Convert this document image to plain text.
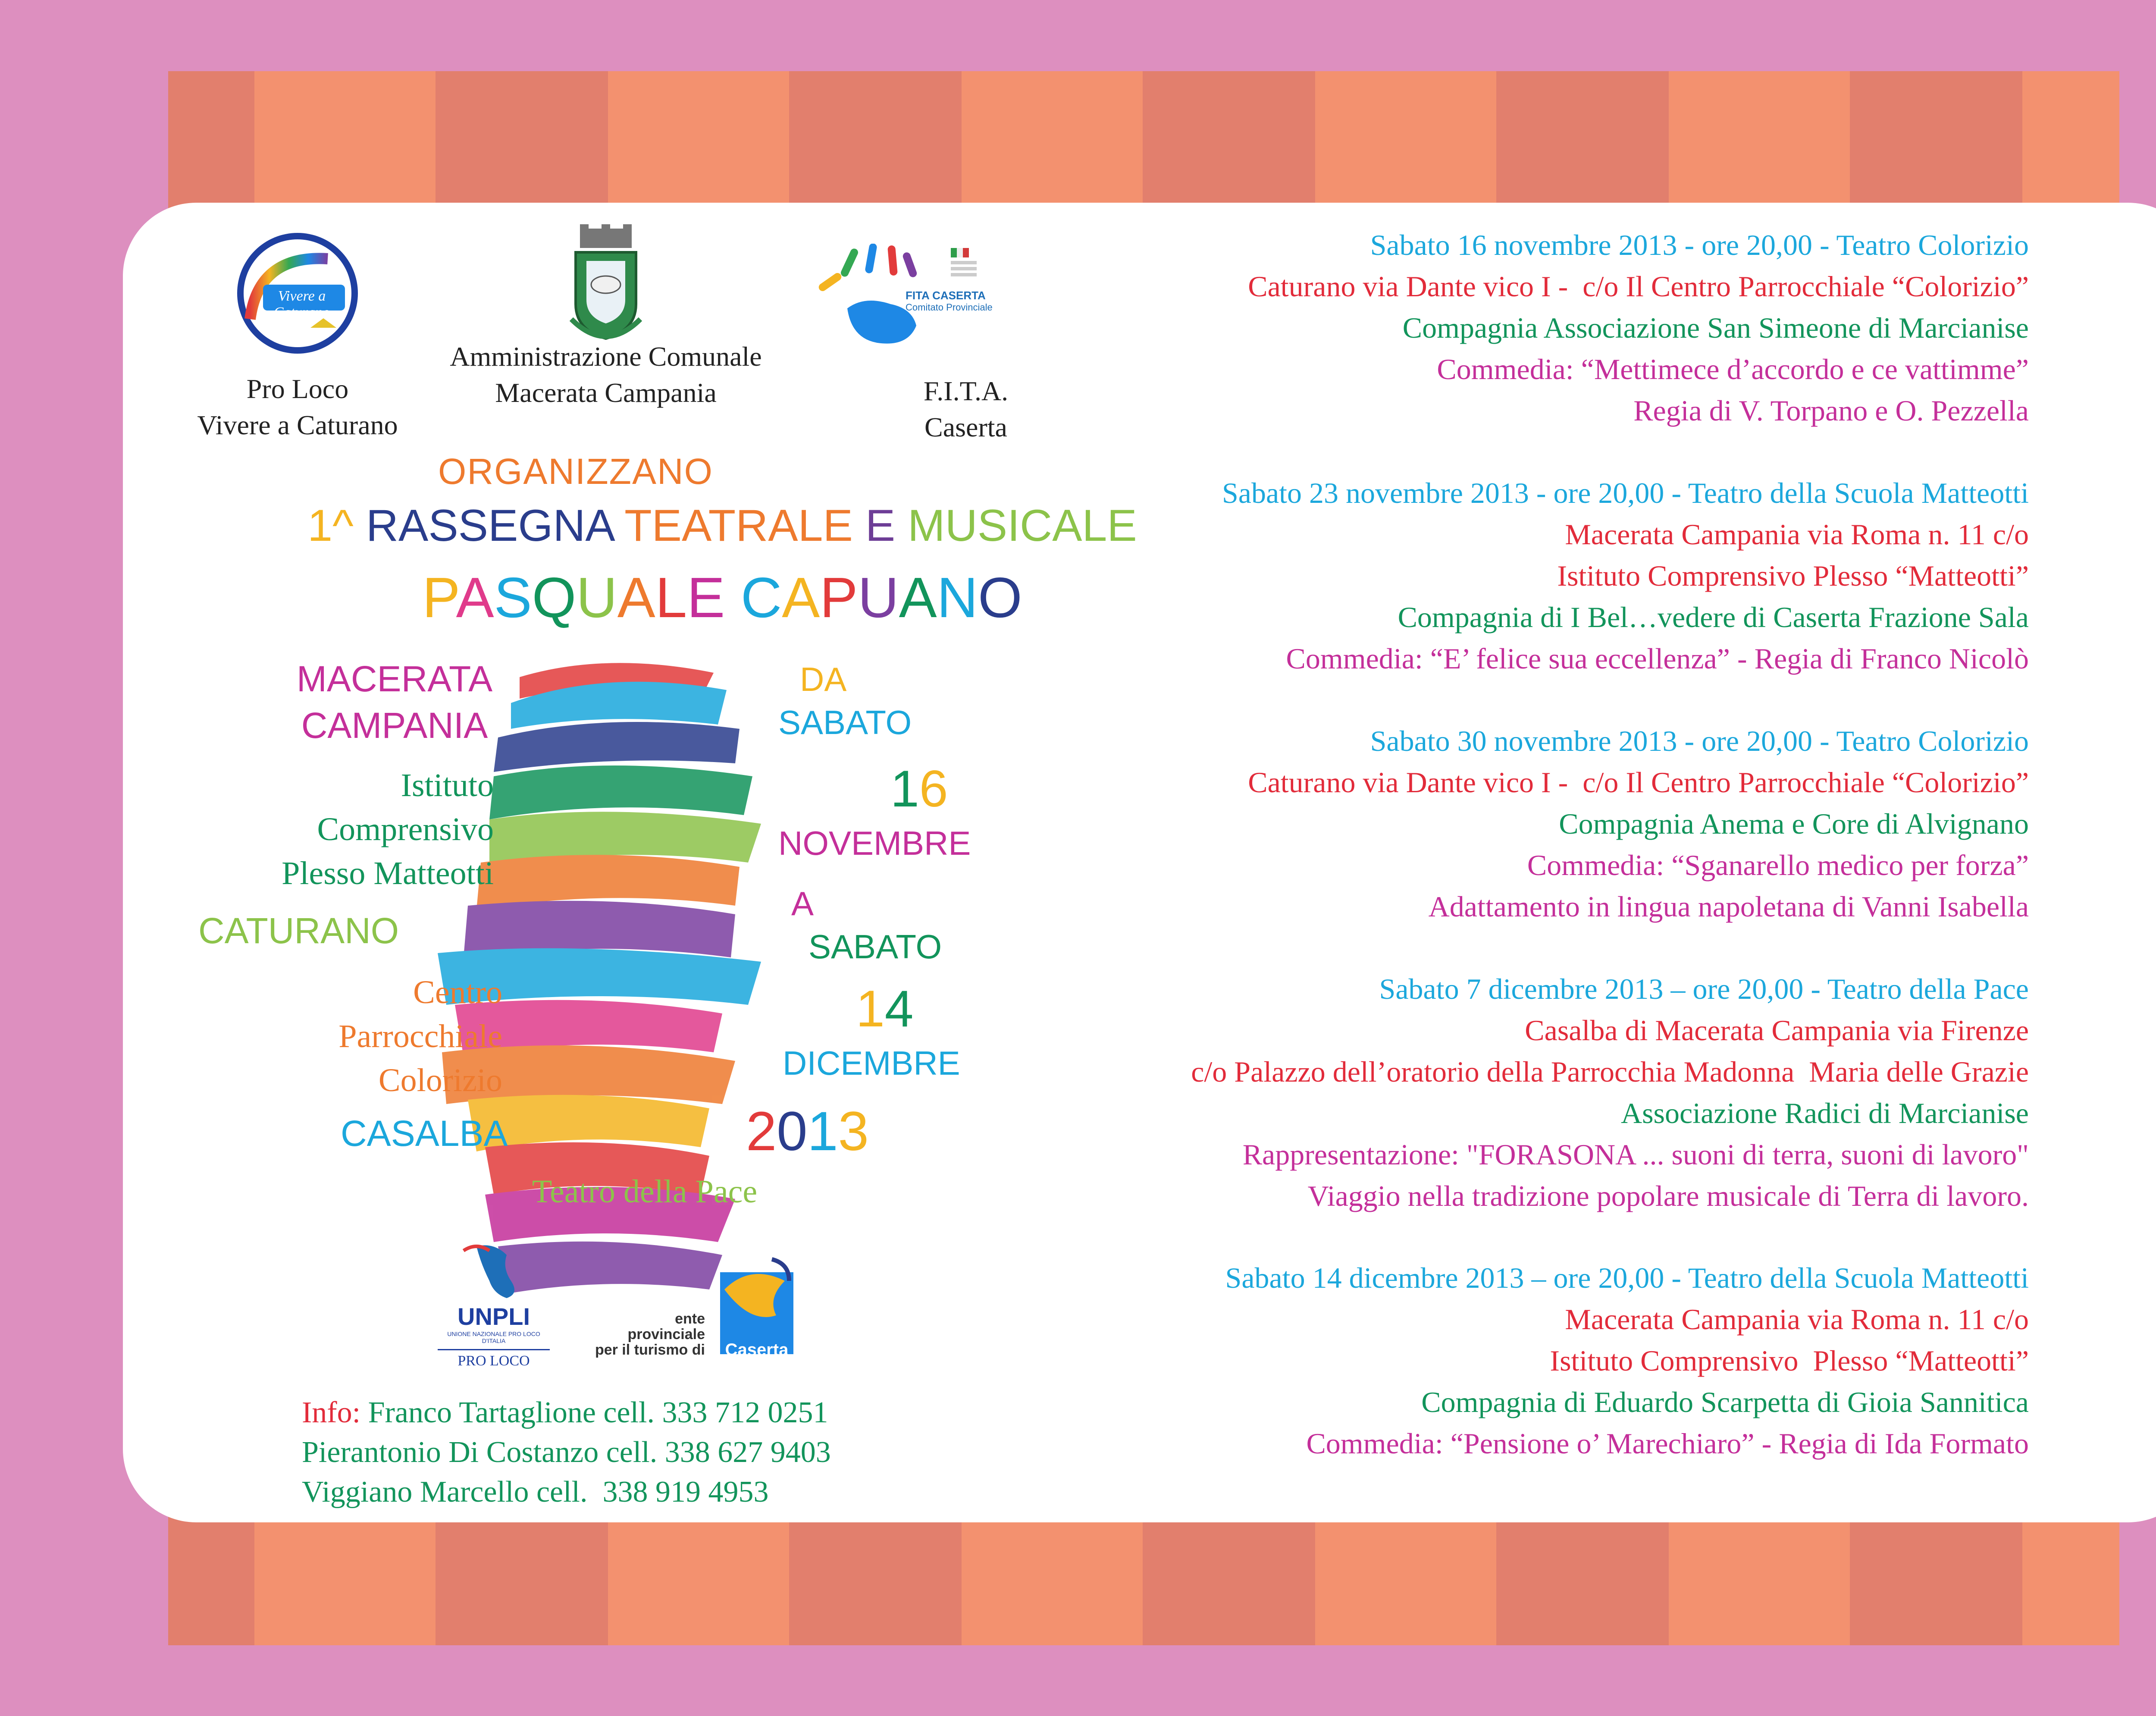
Vivere a Caturano
Pro Loco
Vivere a Caturano
Amministrazione Comunale
Macerata Campania
FITA CASERTA
Comitato Provinciale
F.I.T.A.
Caserta
ORGANIZZANO
1^ RASSEGNA TEATRALE E MUSICALE
PASQUALE CAPUANO
MACERATA
CAMPANIA
Istituto
Comprensivo
Plesso Matteotti
CATURANO
Centro
Parrocchiale
Colorizio
CASALBA
Teatro della Pace
DA
SABATO
16
NOVEMBRE
A
SABATO
14
DICEMBRE
2013
UNPLI
UNIONE NAZIONALE PRO LOCO D'ITALIA
PRO LOCO
ente
provinciale
per il turismo di Caserta
Info: Franco Tartaglione cell. 333 712 0251
Pierantonio Di Costanzo cell. 338 627 9403
Viggiano Marcello cell.  338 919 4953
Sabato 16 novembre 2013 - ore 20,00 - Teatro Colorizio
Caturano via Dante vico I -  c/o Il Centro Parrocchiale “Colorizio”
Compagnia Associazione San Simeone di Marcianise
Commedia: “Mettimece d’accordo e ce vattimme”
Regia di V. Torpano e O. Pezzella
Sabato 23 novembre 2013 - ore 20,00 - Teatro della Scuola Matteotti
Macerata Campania via Roma n. 11 c/o
Istituto Comprensivo Plesso “Matteotti”
Compagnia di I Bel…vedere di Caserta Frazione Sala
Commedia: “E’ felice sua eccellenza” - Regia di Franco Nicolò
Sabato 30 novembre 2013 - ore 20,00 - Teatro Colorizio
Caturano via Dante vico I -  c/o Il Centro Parrocchiale “Colorizio”
Compagnia Anema e Core di Alvignano
Commedia: “Sganarello medico per forza”
Adattamento in lingua napoletana di Vanni Isabella
Sabato 7 dicembre 2013 – ore 20,00 - Teatro della Pace
Casalba di Macerata Campania via Firenze
c/o Palazzo dell’oratorio della Parrocchia Madonna  Maria delle Grazie
Associazione Radici di Marcianise
Rappresentazione: "FORASONA ... suoni di terra, suoni di lavoro"
Viaggio nella tradizione popolare musicale di Terra di lavoro.
Sabato 14 dicembre 2013 – ore 20,00 - Teatro della Scuola Matteotti
Macerata Campania via Roma n. 11 c/o
Istituto Comprensivo  Plesso “Matteotti”
Compagnia di Eduardo Scarpetta di Gioia Sannitica
Commedia: “Pensione o’ Marechiaro” - Regia di Ida Formato
